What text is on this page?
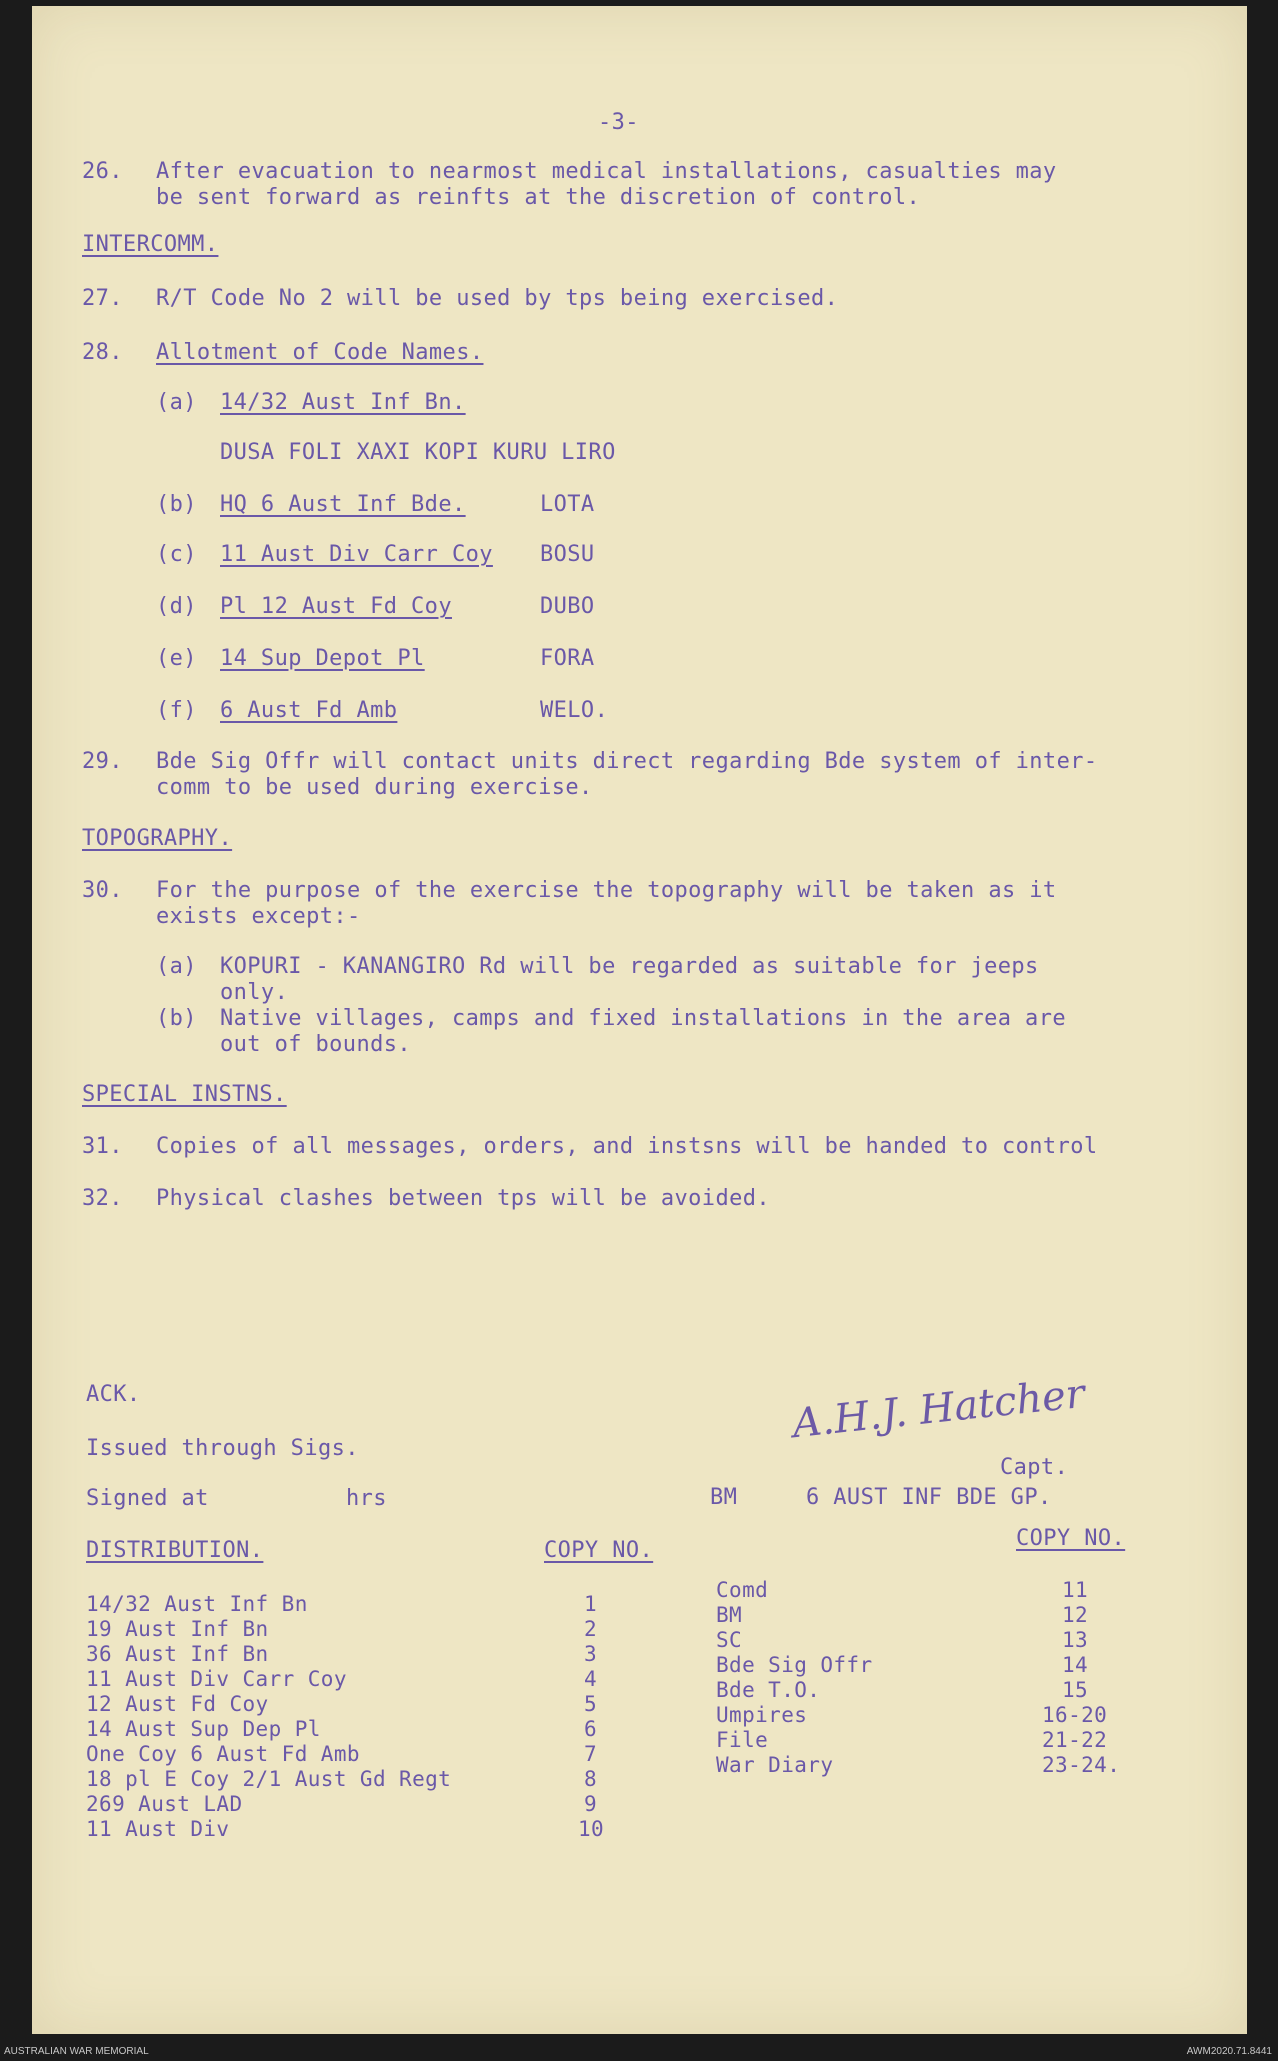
-3-
26. After evacuation to nearmost medical installations, casualties may
be sent forward as reinfts at the discretion of control.
INTERCOMM.
27. R/T Code No 2 will be used by tps being exercised.
28. Allotment of Code Names.
(a) 14/32 Aust Inf Bn.
DUSA FOLI XAXI KOPI KURU LIRO
(b) HQ 6 Aust Inf Bde.	LOTA
(c) 11 Aust Div Carr Coy BOSU
(d) Pl 12 Aust Fd Coy	DUBO
(e) 14 Sup Depot Pl	FORA
(f) 6 Aust Fd Amb	WELO.
29. Bde Sig Offr will contact units direct regarding Bde system of inter-
comm to be used during exercise.
TOPOGRAPHY.
30. For the purpose of the exercise the topography will be taken as it
exists except:-
(a) KOPURI - KANANGIRO Rd will be regarded as suitable for jeeps
only.
(b) Native villages, camps and fixed installations in the area are
out of bounds.
SPECIAL INSTNS.
31. Copies of all messages, orders, and instsns will be handed to control
32. Physical clashes between tps will be avoided.
ACK.	A.H.J. Hatcher
Issued through Sigs.
Capt.
Signed at	hrs	BM	6 AUST INF BDE GP.
DISTRIBUTION.	COPY NO.	COPY NO.
14/32 Aust Inf Bn	1
19 Aust Inf Bn	2
36 Aust Inf Bn	3
11 Aust Div Carr Coy	4
12 Aust Fd Coy	5
14 Aust Sup Dep Pl	6
One Coy 6 Aust Fd Amb	7
18 pl E Coy 2/1 Aust Gd Regt	8
269 Aust LAD	9
11 Aust Div	10
Comd	11
BM	12
SC	13
Bde Sig Offr	14
Bde T.O.	15
Umpires	16-20
File	21-22
War Diary	23-24.
AUSTRALIAN WAR MEMORIAL	AWM2020.71.8441
